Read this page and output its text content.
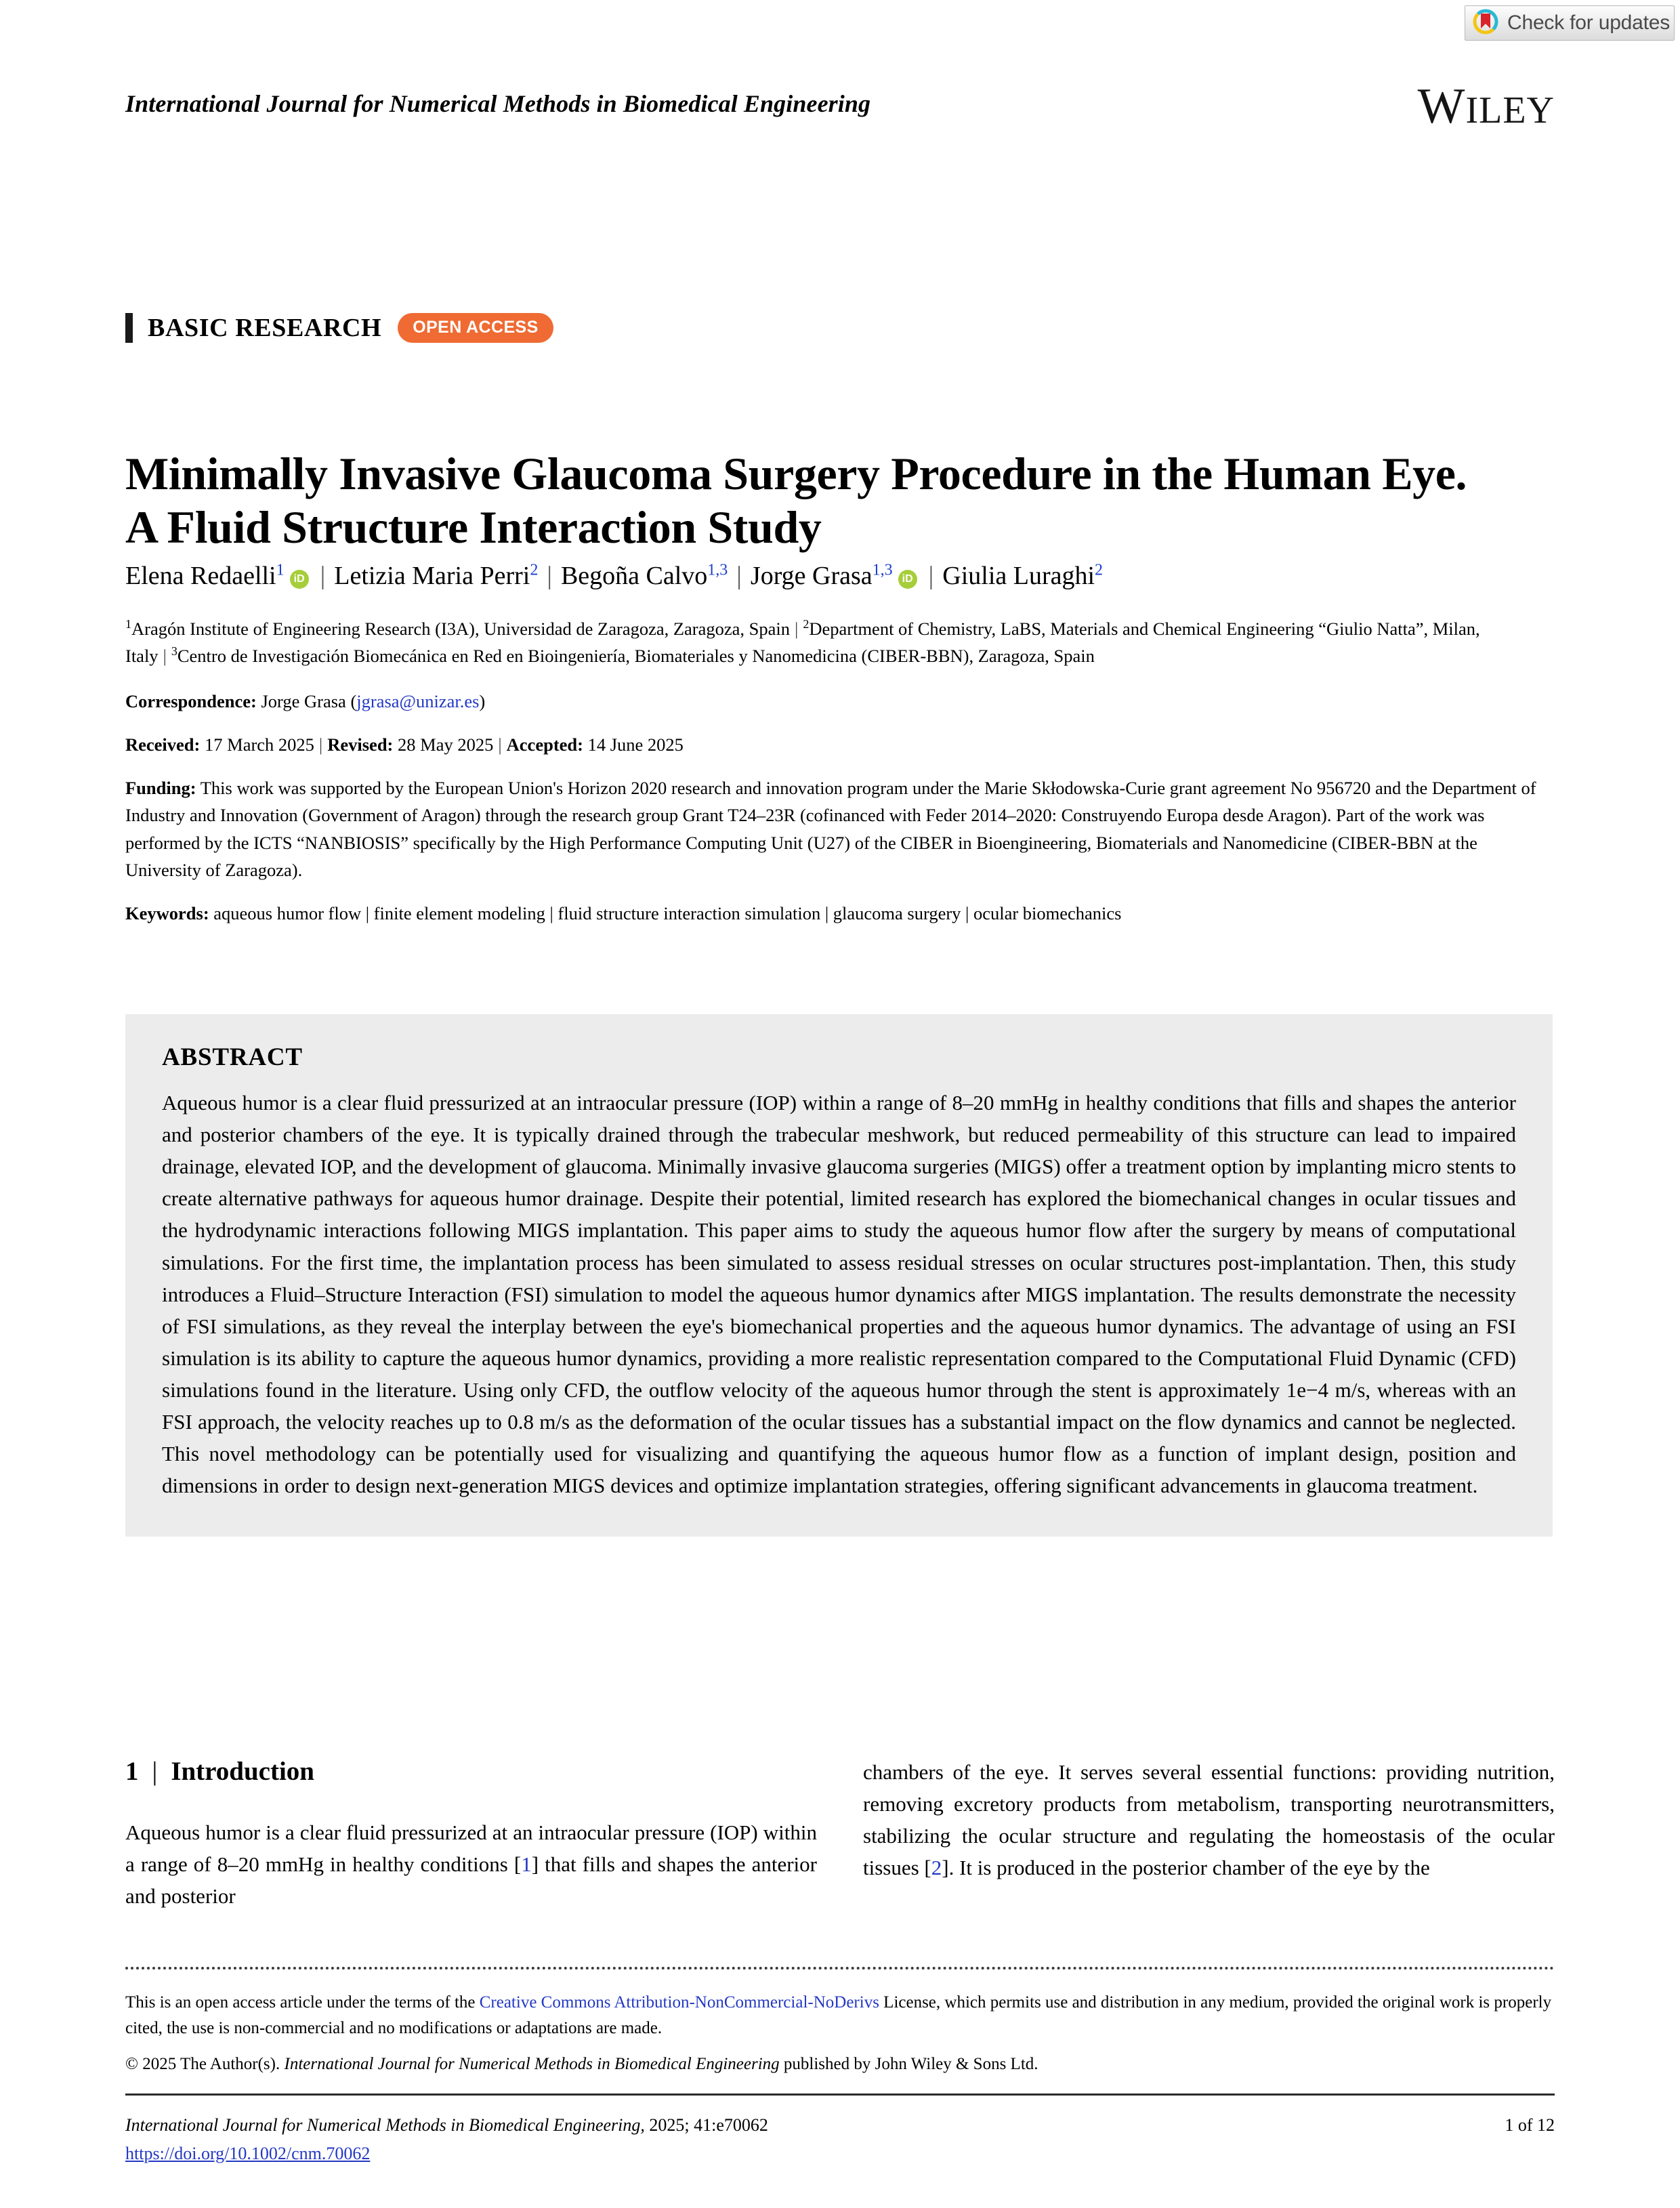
Check for updates
International Journal for Numerical Methods in Biomedical Engineering	WILEY
BASIC RESEARCH	OPEN ACCESS
Minimally Invasive Glaucoma Surgery Procedure in the Human Eye. A Fluid Structure Interaction Study
Elena Redaelli$^1$iD | Letizia Maria Perri$^2$ | Begoña Calvo$^{1,3}$ | Jorge Grasa$^{1,3}$iD | Giulia Luraghi$^2$

$^1$Aragón Institute of Engineering Research (I3A), Universidad de Zaragoza, Zaragoza, Spain | $^2$Department of Chemistry, LaBS, Materials and Chemical Engineering “Giulio Natta”, Milan, Italy | $^3$Centro de Investigación Biomecánica en Red en Bioingeniería, Biomateriales y Nanomedicina (CIBER-BBN), Zaragoza, Spain

Correspondence: Jorge Grasa (jgrasa@unizar.es)

Received: 17 March 2025 | Revised: 28 May 2025 | Accepted: 14 June 2025

Funding: This work was supported by the European Union's Horizon 2020 research and innovation program under the Marie Skłodowska-Curie grant agreement No 956720 and the Department of Industry and Innovation (Government of Aragon) through the research group Grant T24–23R (cofinanced with Feder 2014–2020: Construyendo Europa desde Aragon). Part of the work was performed by the ICTS “NANBIOSIS” specifically by the High Performance Computing Unit (U27) of the CIBER in Bioengineering, Biomaterials and Nanomedicine (CIBER-BBN at the University of Zaragoza).

Keywords: aqueous humor flow | finite element modeling | fluid structure interaction simulation | glaucoma surgery | ocular biomechanics

ABSTRACT

Aqueous humor is a clear fluid pressurized at an intraocular pressure (IOP) within a range of 8–20 mmHg in healthy conditions that fills and shapes the anterior and posterior chambers of the eye. It is typically drained through the trabecular meshwork, but reduced permeability of this structure can lead to impaired drainage, elevated IOP, and the development of glaucoma. Minimally invasive glaucoma surgeries (MIGS) offer a treatment option by implanting micro stents to create alternative pathways for aqueous humor drainage. Despite their potential, limited research has explored the biomechanical changes in ocular tissues and the hydrodynamic interactions following MIGS implantation. This paper aims to study the aqueous humor flow after the surgery by means of computational simulations. For the first time, the implantation process has been simulated to assess residual stresses on ocular structures post-implantation. Then, this study introduces a Fluid–Structure Interaction (FSI) simulation to model the aqueous humor dynamics after MIGS implantation. The results demonstrate the necessity of FSI simulations, as they reveal the interplay between the eye's biomechanical properties and the aqueous humor dynamics. The advantage of using an FSI simulation is its ability to capture the aqueous humor dynamics, providing a more realistic representation compared to the Computational Fluid Dynamic (CFD) simulations found in the literature. Using only CFD, the outflow velocity of the aqueous humor through the stent is approximately 1e−4 m/s, whereas with an FSI approach, the velocity reaches up to 0.8 m/s as the deformation of the ocular tissues has a substantial impact on the flow dynamics and cannot be neglected. This novel methodology can be potentially used for visualizing and quantifying the aqueous humor flow as a function of implant design, position and dimensions in order to design next-generation MIGS devices and optimize implantation strategies, offering significant advancements in glaucoma treatment.

1 | Introduction

Aqueous humor is a clear fluid pressurized at an intraocular pressure (IOP) within a range of 8–20 mmHg in healthy conditions [1] that fills and shapes the anterior and posterior

chambers of the eye. It serves several essential functions: providing nutrition, removing excretory products from metabolism, transporting neurotransmitters, stabilizing the ocular structure and regulating the homeostasis of the ocular tissues [2]. It is produced in the posterior chamber of the eye by the

This is an open access article under the terms of the Creative Commons Attribution-NonCommercial-NoDerivs License, which permits use and distribution in any medium, provided the original work is properly cited, the use is non-commercial and no modifications or adaptations are made.

© 2025 The Author(s). International Journal for Numerical Methods in Biomedical Engineering published by John Wiley & Sons Ltd.

International Journal for Numerical Methods in Biomedical Engineering, 2025; 41:e70062
https://doi.org/10.1002/cnm.70062
1 of 12
